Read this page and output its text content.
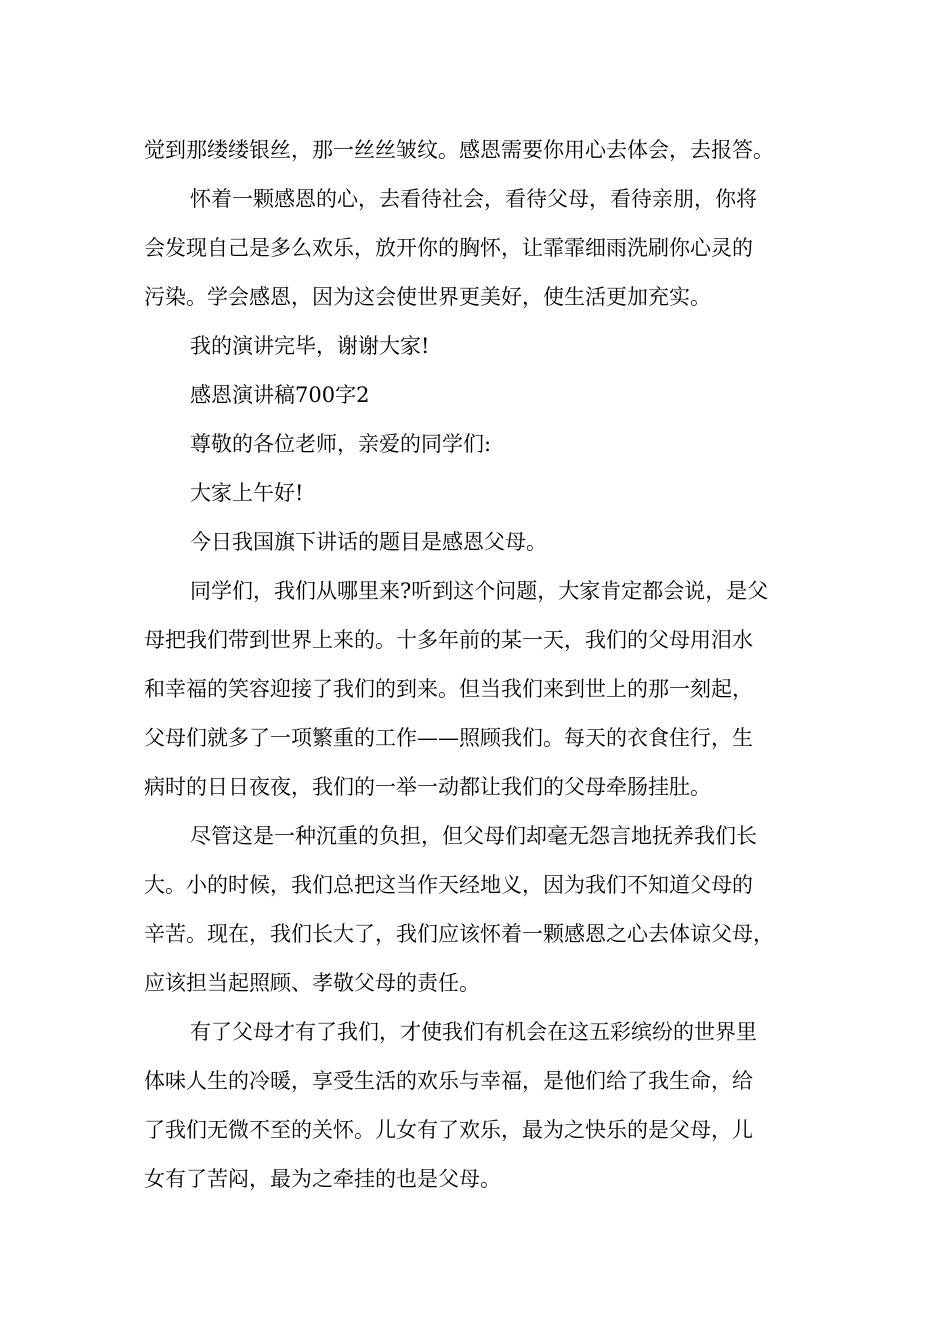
觉到那缕缕银丝，那一丝丝皱纹。感恩需要你用心去体会，去报答。
怀着一颗感恩的心，去看待社会，看待父母，看待亲朋，你将
会发现自己是多么欢乐，放开你的胸怀，让霏霏细雨洗刷你心灵的
污染。学会感恩，因为这会使世界更美好，使生活更加充实。
我的演讲完毕，谢谢大家!
感恩演讲稿700字2
尊敬的各位老师，亲爱的同学们:
大家上午好!
今日我国旗下讲话的题目是感恩父母。
同学们，我们从哪里来?听到这个问题，大家肯定都会说，是父
母把我们带到世界上来的。十多年前的某一天，我们的父母用泪水
和幸福的笑容迎接了我们的到来。但当我们来到世上的那一刻起，
父母们就多了一项繁重的工作——照顾我们。每天的衣食住行，生
病时的日日夜夜，我们的一举一动都让我们的父母牵肠挂肚。
尽管这是一种沉重的负担，但父母们却毫无怨言地抚养我们长
大。小的时候，我们总把这当作天经地义，因为我们不知道父母的
辛苦。现在，我们长大了，我们应该怀着一颗感恩之心去体谅父母，
应该担当起照顾、孝敬父母的责任。
有了父母才有了我们，才使我们有机会在这五彩缤纷的世界里
体味人生的冷暖，享受生活的欢乐与幸福，是他们给了我生命，给
了我们无微不至的关怀。儿女有了欢乐，最为之快乐的是父母，儿
女有了苦闷，最为之牵挂的也是父母。
